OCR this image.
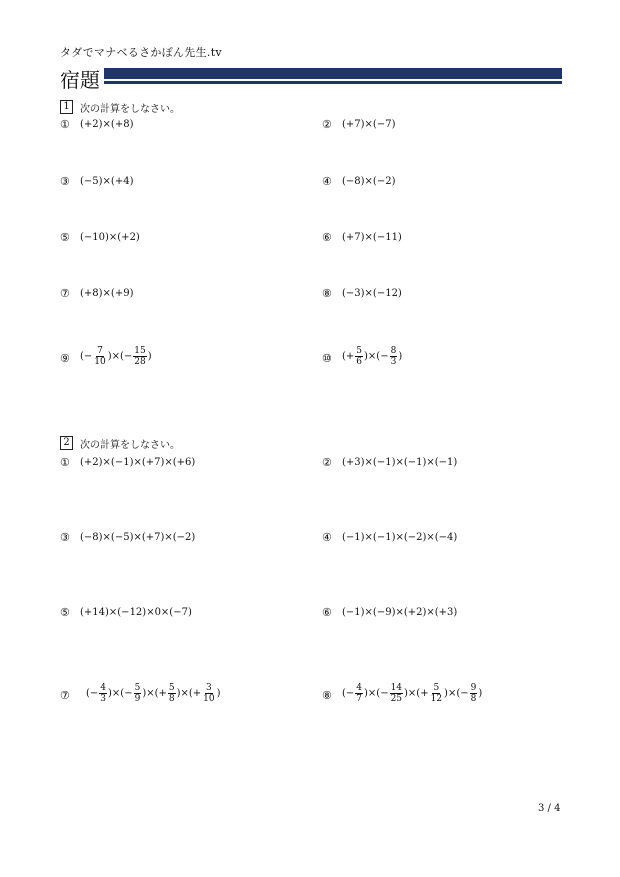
タダでマナベるさかぽん先生.tv
宿題
1	次の計算をしなさい。
① (+2)×(+8)	② (+7)×(−7)
③ (−5)×(+4)	④ (−8)×(−2)
⑤ (−10)×(+2)	⑥ (+7)×(−11)
⑦ (+8)×(+9)	⑧ (−3)×(−12)
⑨ (− $\frac{7}{10}$ )×(− $\frac{15}{28}$ )	⑩ (+ $\frac{5}{6}$ )×(− $\frac{8}{3}$ )
2	次の計算をしなさい。
① (+2)×(−1)×(+7)×(+6)	② (+3)×(−1)×(−1)×(−1)
③ (−8)×(−5)×(+7)×(−2)	④ (−1)×(−1)×(−2)×(−4)
⑤ (+14)×(−12)×0×(−7)	⑥ (−1)×(−9)×(+2)×(+3)
⑦ (− $\frac{4}{3}$ )×(− $\frac{5}{9}$ )×(+ $\frac{5}{8}$ )×(+ $\frac{3}{10}$ )	⑧ (− $\frac{4}{7}$ )×(− $\frac{14}{25}$ )×(+ $\frac{5}{12}$ )×(− $\frac{9}{8}$ )
3 / 4
